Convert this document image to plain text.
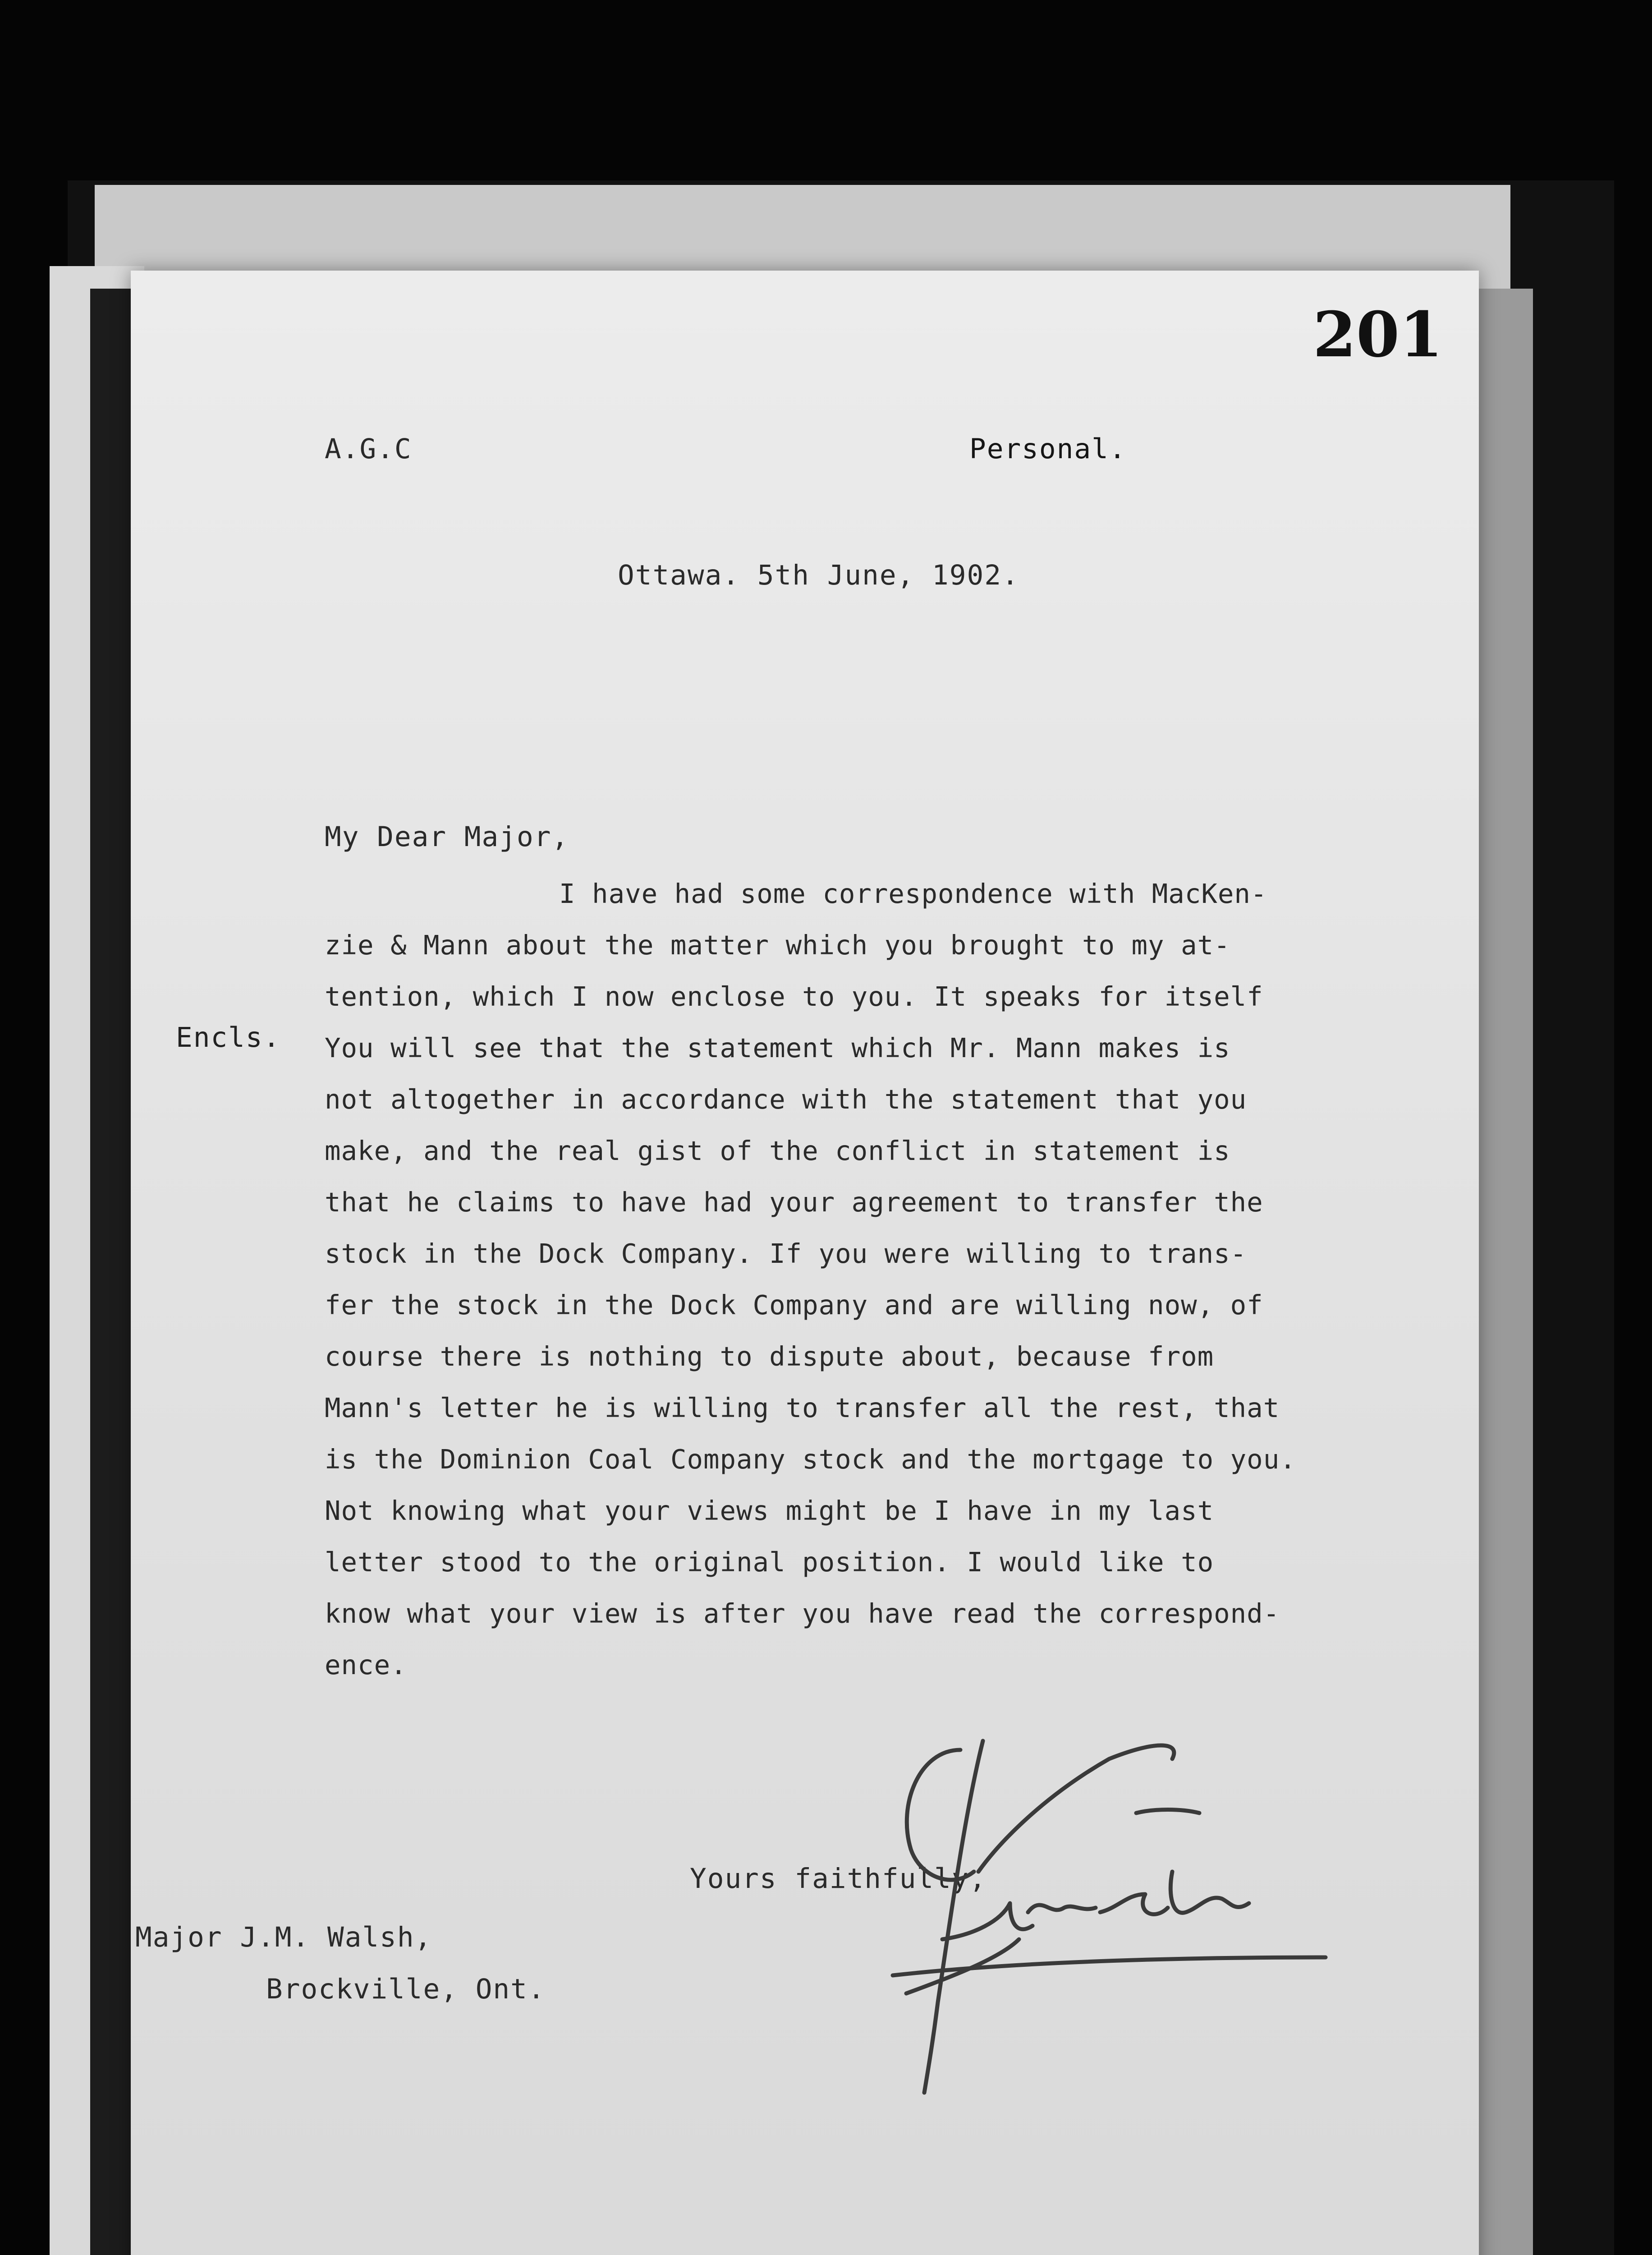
201
A.G.C	Personal.
Ottawa. 5th June, 1902.
My Dear Major,
Encls.
I have had some correspondence with MacKen-
zie & Mann about the matter which you brought to my at-
tention, which I now enclose to you. It speaks for itself
You will see that the statement which Mr. Mann makes is
not altogether in accordance with the statement that you
make, and the real gist of the conflict in statement is
that he claims to have had your agreement to transfer the
stock in the Dock Company. If you were willing to trans-
fer the stock in the Dock Company and are willing now, of
course there is nothing to dispute about, because from
Mann's letter he is willing to transfer all the rest, that
is the Dominion Coal Company stock and the mortgage to you.
Not knowing what your views might be I have in my last
letter stood to the original position. I would like to
know what your view is after you have read the correspond-
ence.
Yours faithfully,
Major J.M. Walsh,
Brockville, Ont.
